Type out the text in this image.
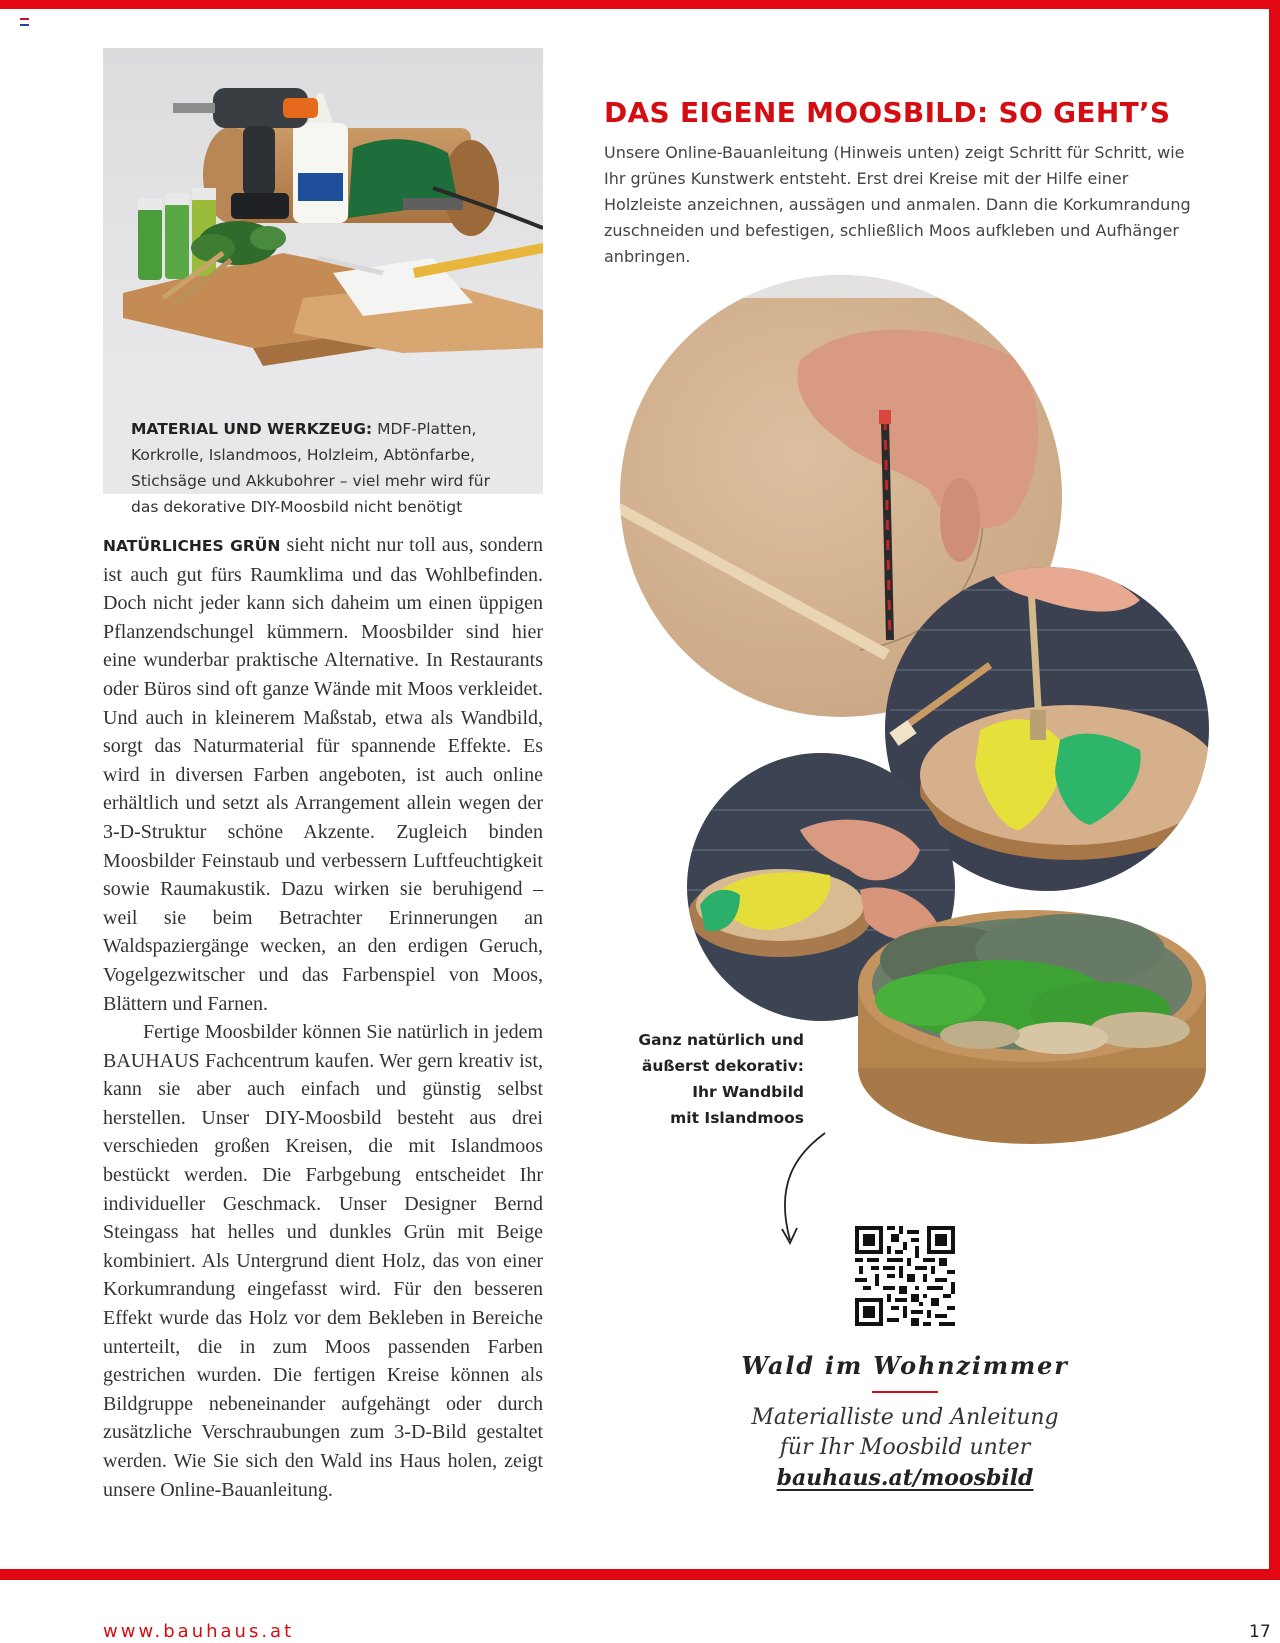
MATERIAL UND WERKZEUG: MDF-Platten, Korkrolle, Islandmoos, Holzleim, Abtönfarbe, Stichsäge und Akkubohrer – viel mehr wird für das dekorative DIY-Moosbild nicht benötigt

NATÜRLICHES GRÜN sieht nicht nur toll aus, sondern ist auch gut fürs Raumklima und das Wohlbefinden. Doch nicht jeder kann sich daheim um einen üppigen Pflanzendschungel kümmern. Moosbilder sind hier eine wunderbar praktische Alternative. In Restaurants oder Büros sind oft ganze Wände mit Moos verkleidet. Und auch in kleinerem Maßstab, etwa als Wandbild, sorgt das Naturmaterial für spannende Effekte. Es wird in diversen Farben angeboten, ist auch online erhältlich und setzt als Arrangement allein wegen der 3-D-Struktur schöne Akzente. Zugleich binden Moosbilder Feinstaub und verbessern Luftfeuchtigkeit sowie Raumakustik. Dazu wirken sie beruhigend – weil sie beim Betrachter Erinnerungen an Waldspaziergänge wecken, an den erdigen Geruch, Vogelgezwitscher und das Farbenspiel von Moos, Blättern und Farnen.

Fertige Moosbilder können Sie natürlich in jedem BAUHAUS Fachcentrum kaufen. Wer gern kreativ ist, kann sie aber auch einfach und günstig selbst herstellen. Unser DIY-Moosbild besteht aus drei verschieden großen Kreisen, die mit Islandmoos bestückt werden. Die Farbgebung entscheidet Ihr individueller Geschmack. Unser Designer Bernd Steingass hat helles und dunkles Grün mit Beige kombiniert. Als Untergrund dient Holz, das von einer Korkumrandung eingefasst wird. Für den besseren Effekt wurde das Holz vor dem Bekleben in Bereiche unterteilt, die in zum Moos passenden Farben gestrichen wurden. Die fertigen Kreise können als Bildgruppe nebeneinander aufgehängt oder durch zusätzliche Verschraubungen zum 3-D-Bild gestaltet werden. Wie Sie sich den Wald ins Haus holen, zeigt unsere Online-Bauanleitung.

DAS EIGENE MOOSBILD: SO GEHT’S

Unsere Online-Bauanleitung (Hinweis unten) zeigt Schritt für Schritt, wie Ihr grünes Kunstwerk entsteht. Erst drei Kreise mit der Hilfe einer Holzleiste anzeichnen, aussägen und anmalen. Dann die Korkumrandung zuschneiden und befestigen, schließlich Moos aufkleben und Aufhänger anbringen.

Ganz natürlich und
äußerst dekorativ:
Ihr Wandbild
mit Islandmoos
Wald im Wohnzimmer

Materialliste und Anleitung

für Ihr Moosbild unter

bauhaus.at/moosbild
www.bauhaus.at	17
